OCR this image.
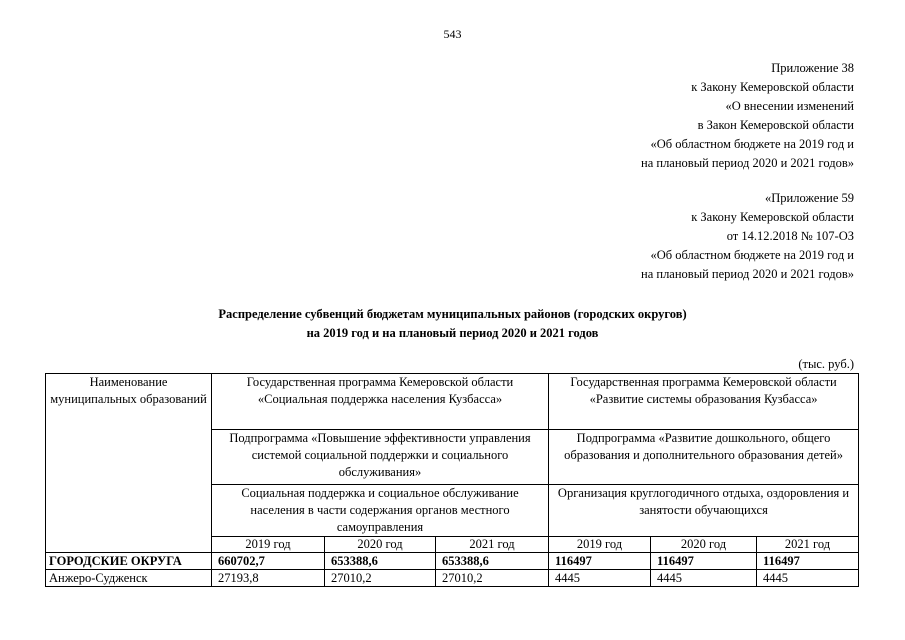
543
Приложение 38
к Закону Кемеровской области
«О внесении изменений
в Закон Кемеровской области
«Об областном бюджете на 2019 год и
на плановый период 2020 и 2021 годов»
«Приложение 59
к Закону Кемеровской области
от 14.12.2018 № 107-ОЗ
«Об областном бюджете на 2019 год и
на плановый период 2020 и 2021 годов»
Распределение субвенций бюджетам муниципальных районов (городских округов)
на 2019 год и на плановый период 2020 и 2021 годов
(тыс. руб.)
Наименование муниципальных образований	Государственная программа Кемеровской области «Социальная поддержка населения Кузбасса»			Государственная программа Кемеровской области «Развитие системы образования Кузбасса»		
	Подпрограмма «Повышение эффективности управления системой социальной поддержки и социального обслуживания»			Подпрограмма «Развитие дошкольного, общего образования и дополнительного образования детей»		
	Социальная поддержка и социальное обслуживание населения в части содержания органов местного самоуправления			Организация круглогодичного отдыха, оздоровления и занятости обучающихся		
	2019 год	2020 год	2021 год	2019 год	2020 год	2021 год
ГОРОДСКИЕ ОКРУГА	660702,7	653388,6	653388,6	116497	116497	116497
Анжеро-Судженск	27193,8	27010,2	27010,2	4445	4445	4445
